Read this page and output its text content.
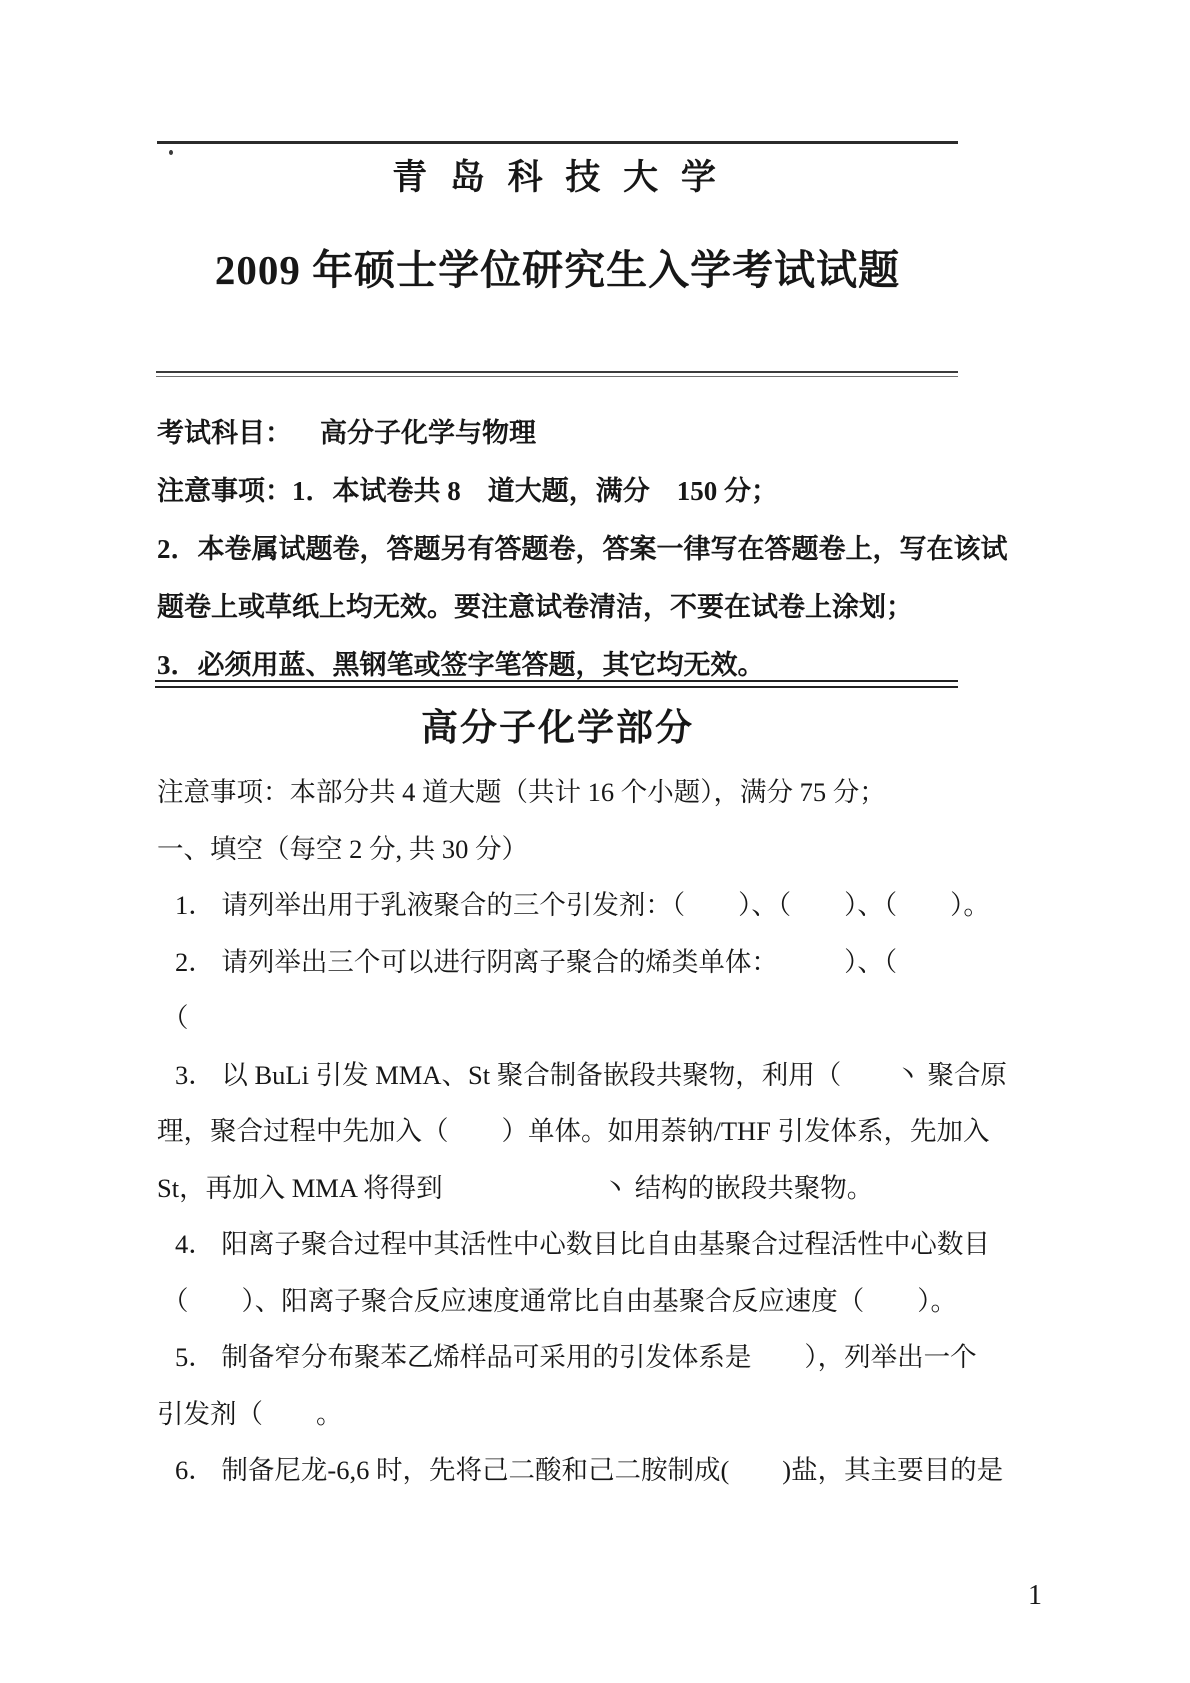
青 岛 科 技 大 学
2009 年硕士学位研究生入学考试试题

考试科目： 高分子化学与物理

注意事项：1．本试卷共 8　道大题，满分　150 分；

2．本卷属试题卷，答题另有答题卷，答案一律写在答题卷上，写在该试

题卷上或草纸上均无效。要注意试卷清洁，不要在试卷上涂划；

3．必须用蓝、黑钢笔或签字笔答题，其它均无效。

高分子化学部分

注意事项：本部分共 4 道大题（共计 16 个小题），满分 75 分；

一、填空（每空 2 分, 共 30 分）

1． 请列举出用于乳液聚合的三个引发剂：（　　）、（　　）、（　　）。

2． 请列举出三个可以进行阴离子聚合的烯类单体：　　　）、（

（

3． 以 BuLi 引发 MMA、St 聚合制备嵌段共聚物，利用（　　丶 聚合原

理，聚合过程中先加入（　　）单体。如用萘钠/THF 引发体系，先加入

St，再加入 MMA 将得到　　　　　　丶 结构的嵌段共聚物。

4． 阳离子聚合过程中其活性中心数目比自由基聚合过程活性中心数目

（　　）、阳离子聚合反应速度通常比自由基聚合反应速度（　　）。

5． 制备窄分布聚苯乙烯样品可采用的引发体系是　　），列举出一个

引发剂（　　。

6． 制备尼龙-6,6 时，先将己二酸和己二胺制成(　　)盐，其主要目的是

1
